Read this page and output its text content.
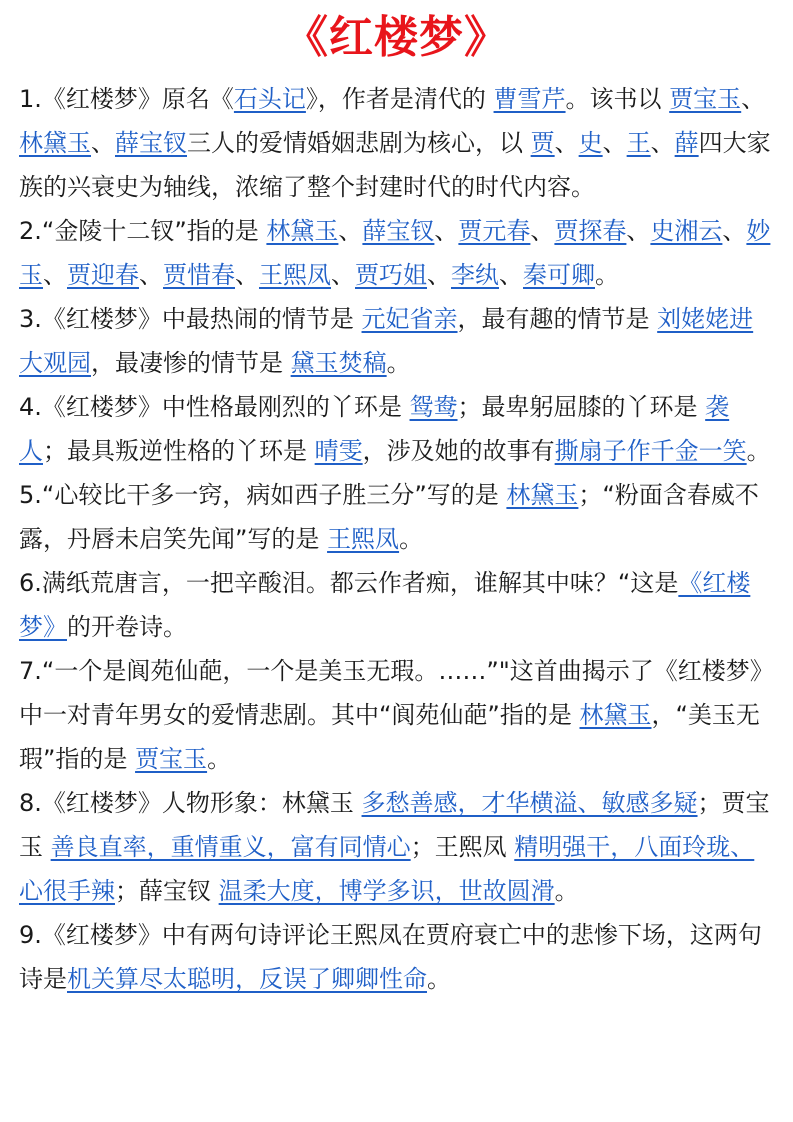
《红楼梦》

1.《红楼梦》原名《石头记》，作者是清代的 曹雪芹。该书以 贾宝玉、林黛玉、薛宝钗三人的爱情婚姻悲剧为核心，以 贾、史、王、薛四大家族的兴衰史为轴线，浓缩了整个封建时代的时代内容。

2.“金陵十二钗”指的是 林黛玉、薛宝钗、贾元春、贾探春、史湘云、妙玉、贾迎春、贾惜春、王熙凤、贾巧姐、李纨、秦可卿。

3.《红楼梦》中最热闹的情节是 元妃省亲，最有趣的情节是 刘姥姥进大观园，最凄惨的情节是 黛玉焚稿。

4.《红楼梦》中性格最刚烈的丫环是 鸳鸯；最卑躬屈膝的丫环是 袭人；最具叛逆性格的丫环是 晴雯，涉及她的故事有撕扇子作千金一笑。

5.“心较比干多一窍，病如西子胜三分”写的是 林黛玉；“粉面含春威不露，丹唇未启笑先闻”写的是 王熙凤。

6.满纸荒唐言，一把辛酸泪。都云作者痴，谁解其中味？“这是《红楼梦》的开卷诗。

7.“一个是阆苑仙葩，一个是美玉无瑕。……”"这首曲揭示了《红楼梦》中一对青年男女的爱情悲剧。其中“阆苑仙葩”指的是 林黛玉，“美玉无瑕”指的是 贾宝玉。

8.《红楼梦》人物形象：林黛玉 多愁善感，才华横溢、敏感多疑；贾宝玉 善良直率，重情重义，富有同情心；王熙凤 精明强干，八面玲珑、心很手辣；薛宝钗 温柔大度，博学多识，世故圆滑。

9.《红楼梦》中有两句诗评论王熙凤在贾府衰亡中的悲惨下场，这两句诗是机关算尽太聪明，反误了卿卿性命。
